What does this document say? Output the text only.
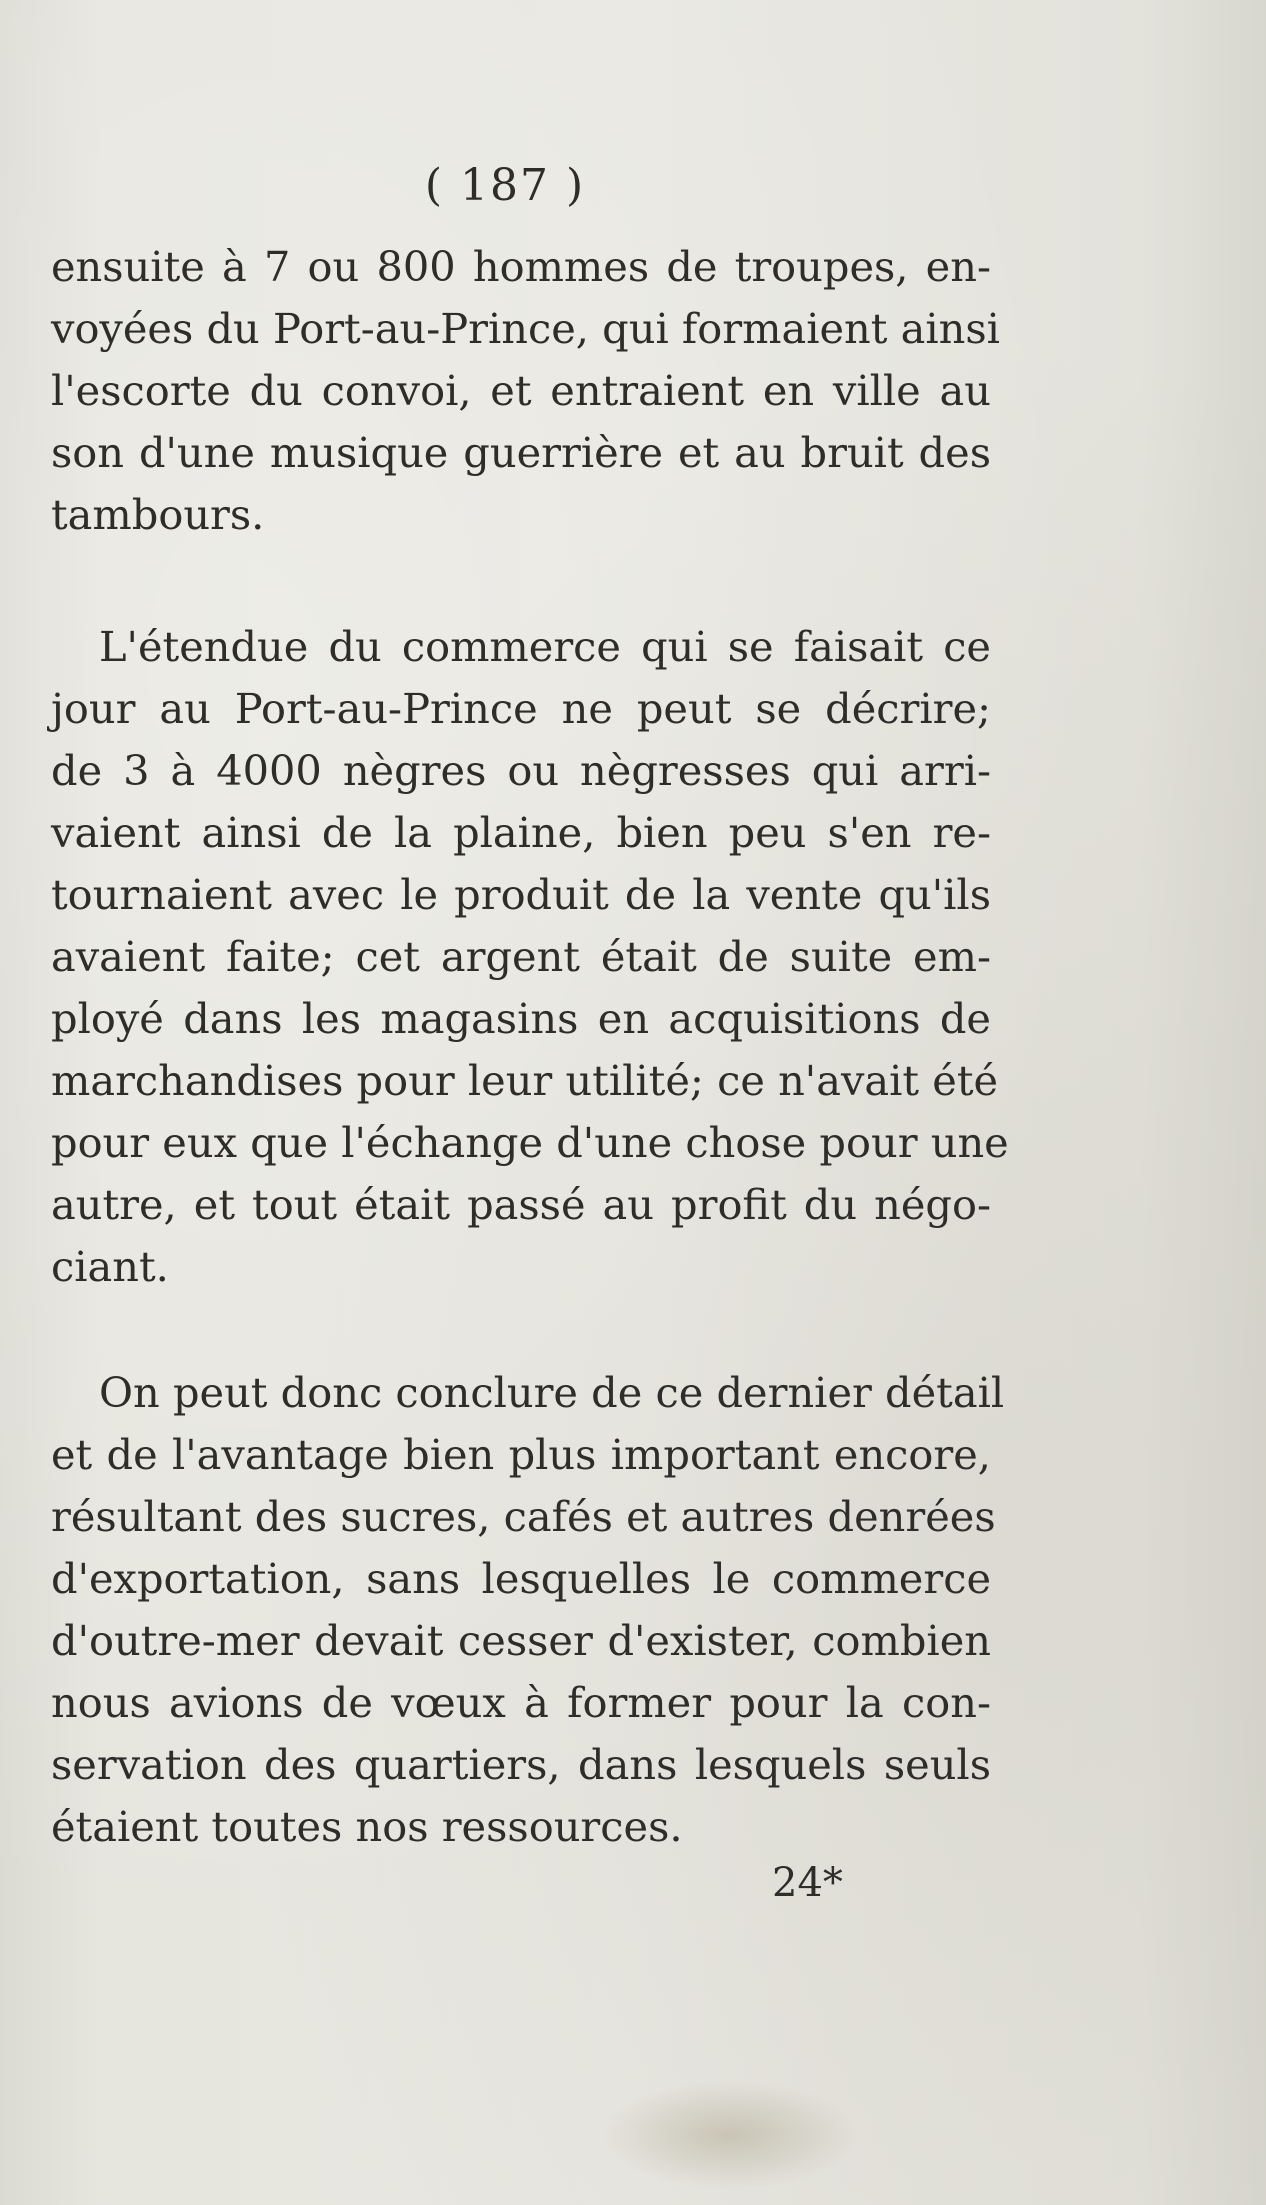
( 187 )
ensuite à 7 ou 800 hommes de troupes, en-
voyées du Port-au-Prince, qui formaient ainsi
l'escorte du convoi, et entraient en ville au
son d'une musique guerrière et au bruit des
tambours.
L'étendue du commerce qui se faisait ce
jour au Port-au-Prince ne peut se décrire;
de 3 à 4000 nègres ou nègresses qui arri-
vaient ainsi de la plaine, bien peu s'en re-
tournaient avec le produit de la vente qu'ils
avaient faite; cet argent était de suite em-
ployé dans les magasins en acquisitions de
marchandises pour leur utilité; ce n'avait été
pour eux que l'échange d'une chose pour une
autre, et tout était passé au profit du négo-
ciant.
On peut donc conclure de ce dernier détail
et de l'avantage bien plus important encore,
résultant des sucres, cafés et autres denrées
d'exportation, sans lesquelles le commerce
d'outre-mer devait cesser d'exister, combien
nous avions de vœux à former pour la con-
servation des quartiers, dans lesquels seuls
étaient toutes nos ressources.
24*
